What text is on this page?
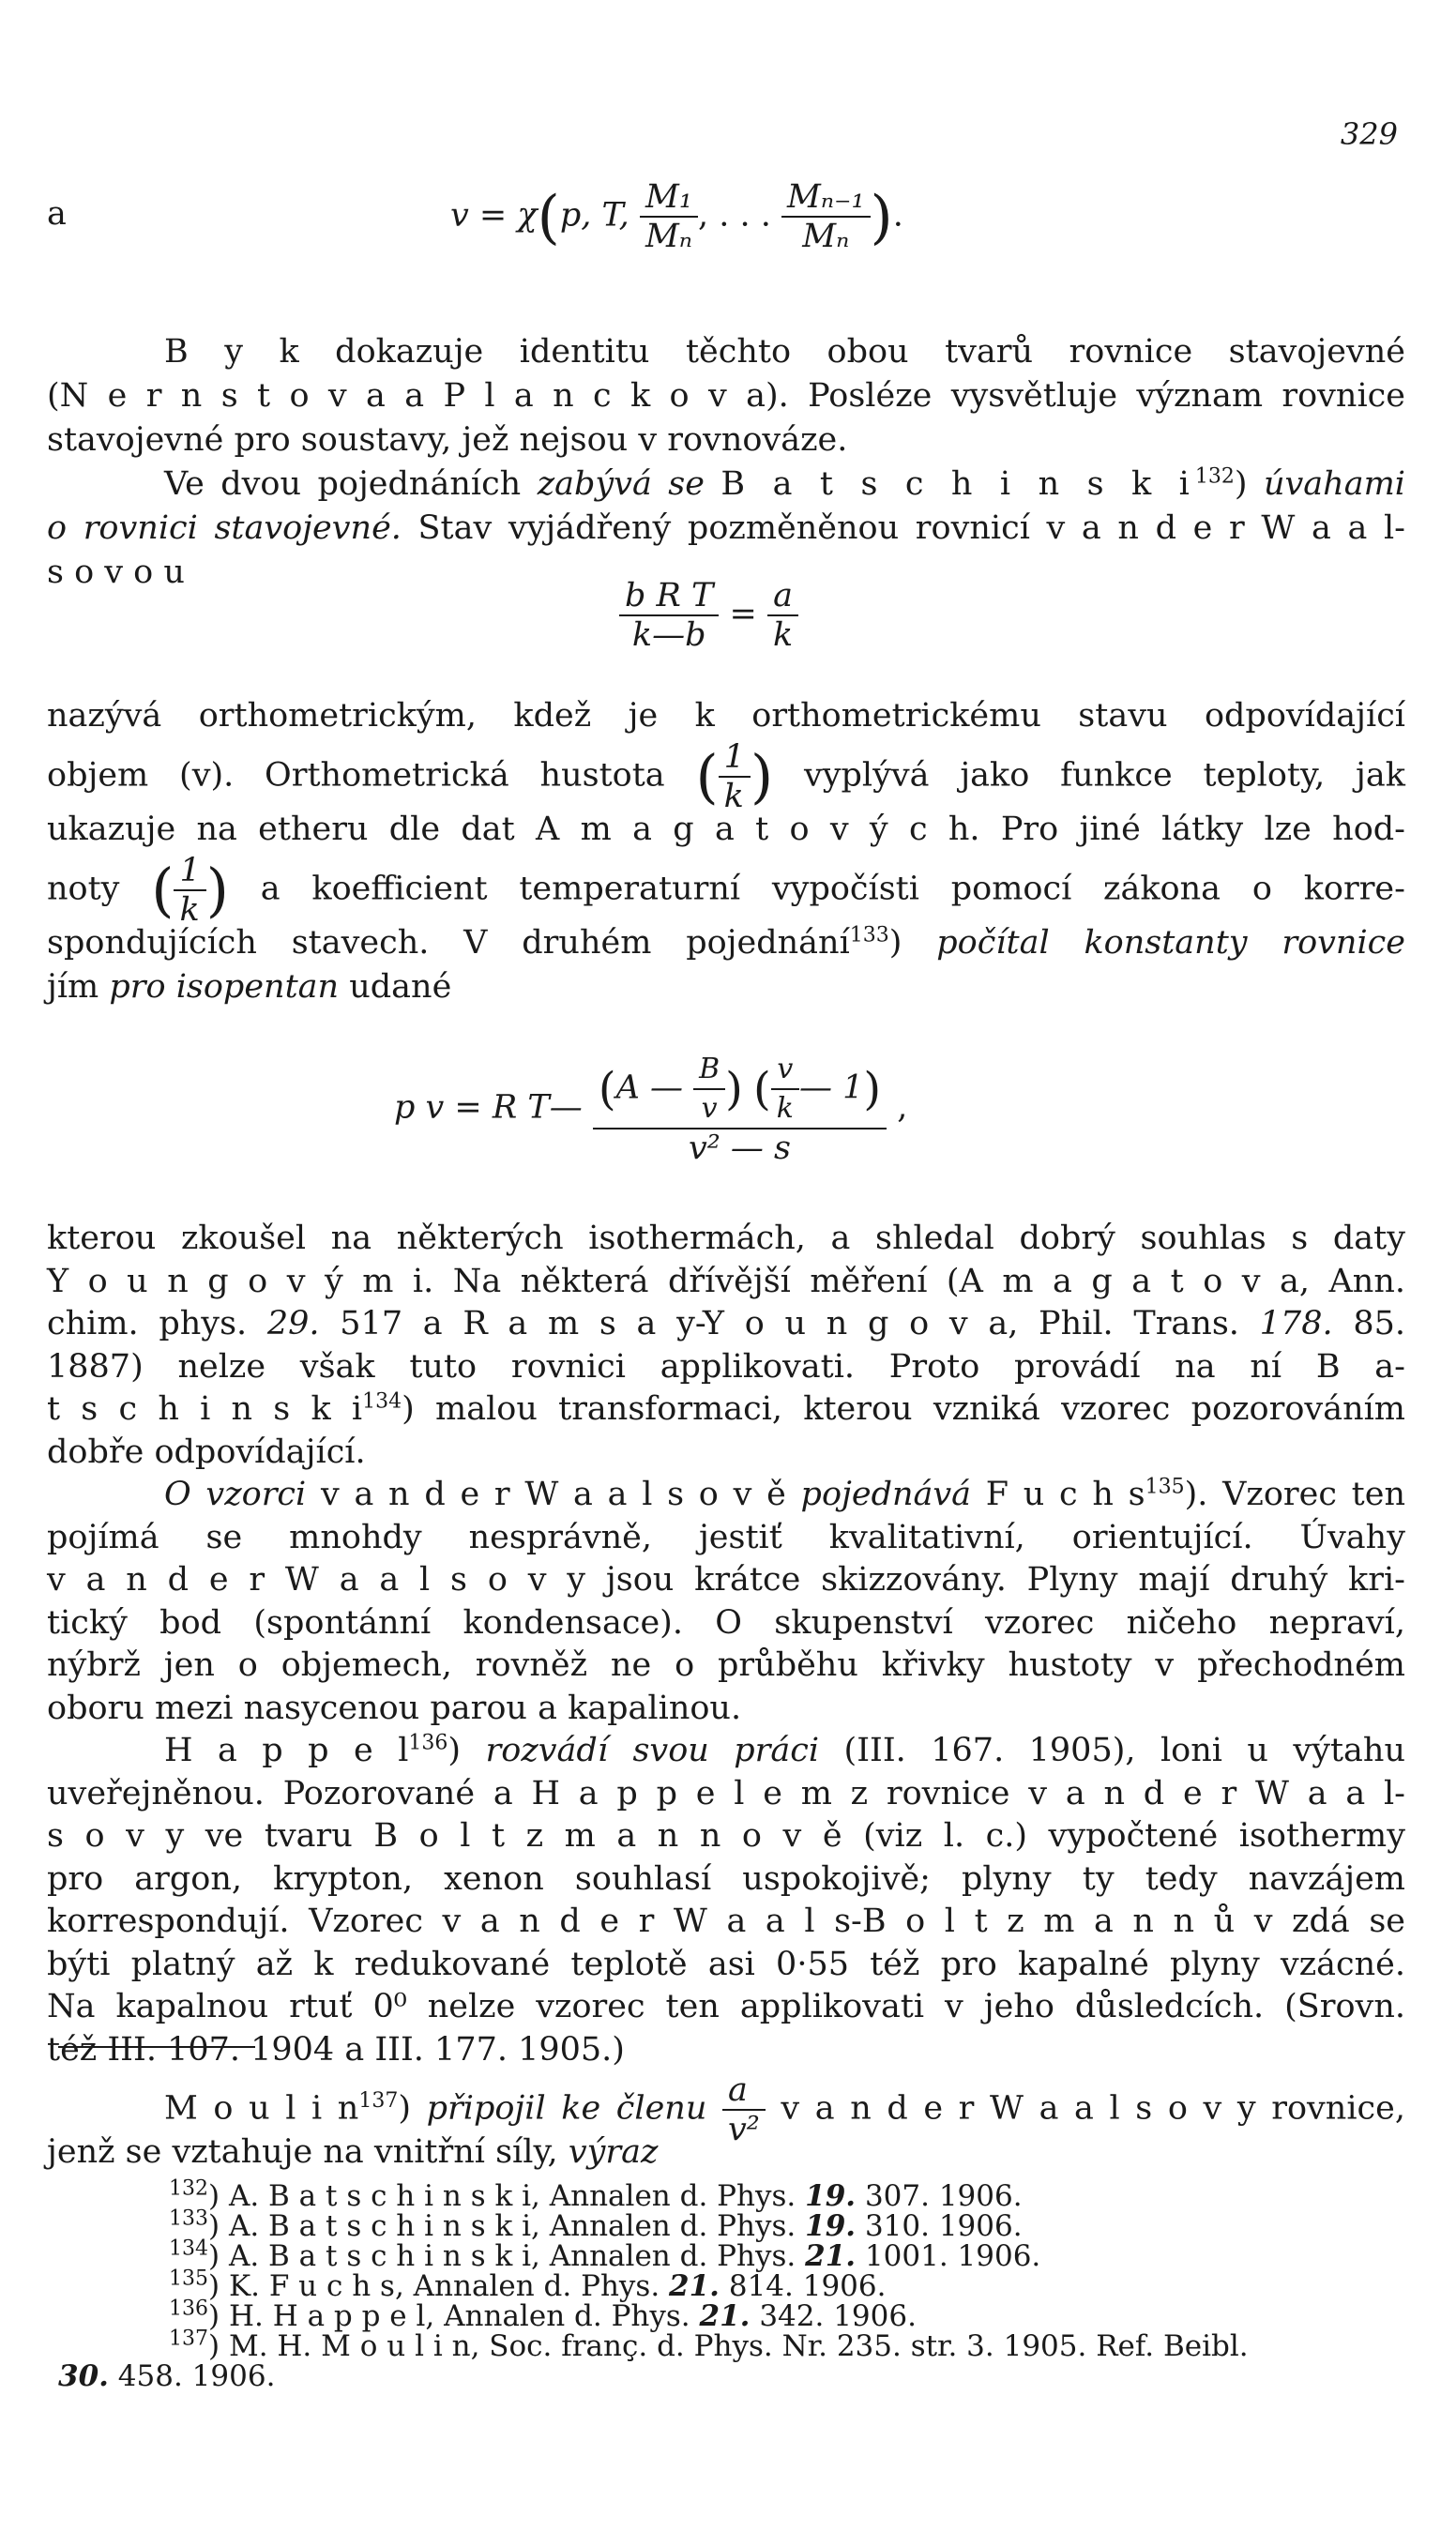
329
a	v = χ(p, T, $\frac{\text{M₁}}{\text{Mₙ}}$ , . . . $\frac{\text{Mₙ₋₁}}{\text{Mₙ}}$ ).
B y k dokazuje identitu těchto obou tvarů rovnice stavojevné
(N e r n s t o v a a P l a n c k o v a). Posléze vysvětluje význam rovnice
stavojevné pro soustavy, jež nejsou v rovnováze.
Ve dvou pojednáních zabývá se B a t s c h i n s k $i^{132}$) úvahami
o rovnici stavojevné. Stav vyjádřený pozměněnou rovnicí v a n d e r W a a l-
s o v o u
$\frac{\text{b R T}}{k—b} = \frac{a}{k}$
nazývá orthometrickým, kdež je k orthometrickému stavu odpovídající
objem (v). Orthometrická hustota ( $\frac{1}{k}$ ) vyplývá jako funkce teploty, jak
ukazuje na etheru dle dat A m a g a t o v ý c h. Pro jiné látky lze hod-
noty ( $\frac{1}{k}$ ) a koefficient temperaturní vypočísti pomocí zákona o korre-
spondujících stavech. V druhém pojednání$^{133}$) počítal konstanty rovnice
jím pro isopentan udané
p v = R T— $\frac{(A — \frac{B}{v} ) ( \frac{v}{k} — 1)}{\text{v² — s}}$ ,
kterou zkoušel na některých isothermách, a shledal dobrý souhlas s daty
Y o u n g o v ý m i. Na některá dřívější měření (A m a g a t o v a, Ann.
chim. phys. 29. 517 a R a m s a y-Y o u n g o v a, Phil. Trans. 178. 85.
1887) nelze však tuto rovnici applikovati. Proto provádí na ní B a-
t s c h i n s k $i^{134}$) malou transformaci, kterou vzniká vzorec pozorováním
dobře odpovídající.
O vzorci v a n d e r W a a l s o v ě pojednává F u c h $s^{135}$). Vzorec ten
pojímá se mnohdy nesprávně, jestiť kvalitativní, orientující. Úvahy
v a n d e r W a a l s o v y jsou krátce skizzovány. Plyny mají druhý kri-
tický bod (spontánní kondensace). O skupenství vzorec ničeho nepraví,
nýbrž jen o objemech, rovněž ne o průběhu křivky hustoty v přechodném
oboru mezi nasycenou parou a kapalinou.
H a p p e $l^{136}$) rozvádí svou práci (III. 167. 1905), loni u výtahu
uveřejněnou. Pozorované a H a p p e l e m z rovnice v a n d e r W a a l-
s o v y ve tvaru B o l t z m a n n o v ě (viz l. c.) vypočtené isothermy
pro argon, krypton, xenon souhlasí uspokojivě; plyny ty tedy navzájem
korrespondují. Vzorec v a n d e r W a a l s-B o l t z m a n n ů v zdá se
býti platný až k redukované teplotě asi 0·55 též pro kapalné plyny vzácné.
Na kapalnou rtuť 0⁰ nelze vzorec ten applikovati v jeho důsledcích. (Srovn.
též III. 107. 1904 a III. 177. 1905.)
M o u l i $n^{137}$) připojil ke členu $\frac{a}{\text{v²}}$ v a n d e r W a a l s o v y rovnice,
jenž se vztahuje na vnitřní síly, výraz
$^{132}$) A. B a t s c h i n s k i, Annalen d. Phys. 19. 307. 1906.
$^{133}$) A. B a t s c h i n s k i, Annalen d. Phys. 19. 310. 1906.
$^{134}$) A. B a t s c h i n s k i, Annalen d. Phys. 21. 1001. 1906.
$^{135}$) K. F u c h s, Annalen d. Phys. 21. 814. 1906.
$^{136}$) H. H a p p e l, Annalen d. Phys. 21. 342. 1906.
$^{137}$) M. H. M o u l i n, Soc. franç. d. Phys. Nr. 235. str. 3. 1905. Ref. Beibl.
30. 458. 1906.
